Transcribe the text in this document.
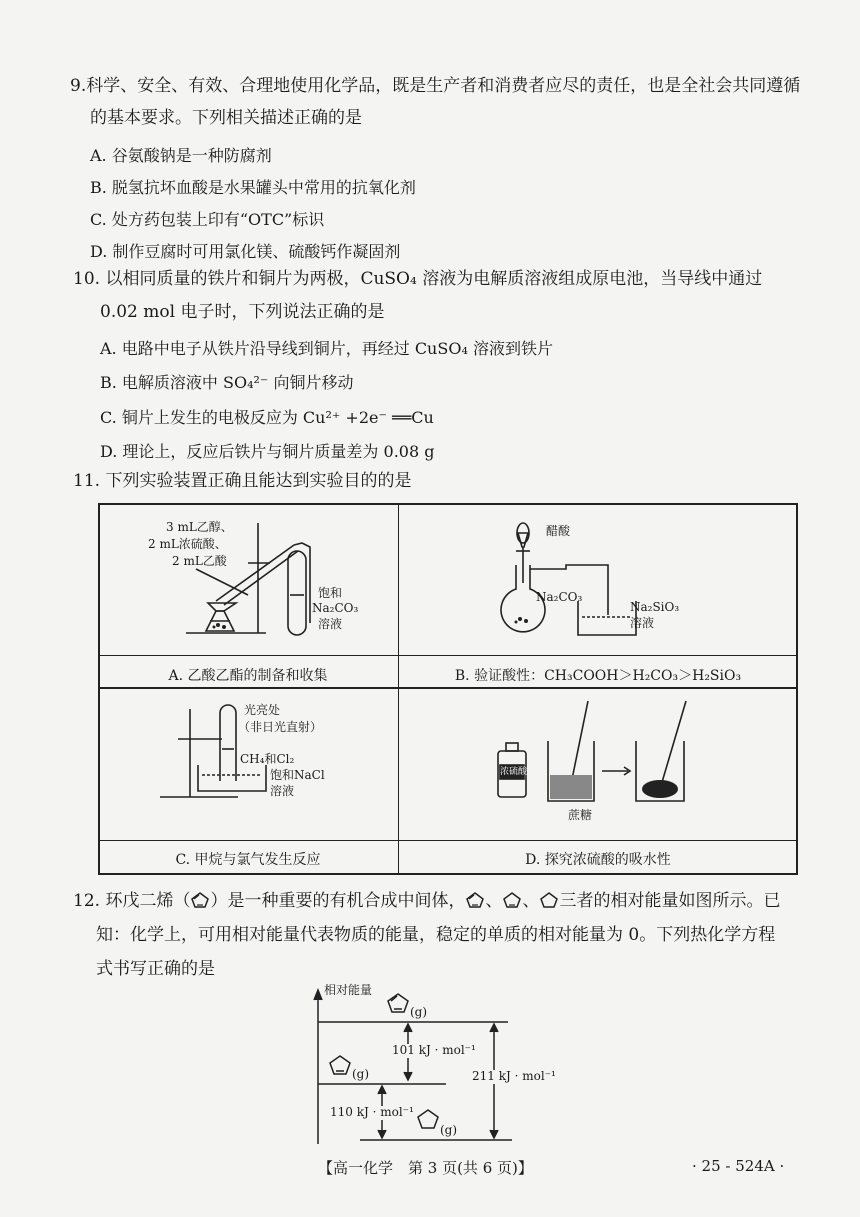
9.科学、安全、有效、合理地使用化学品，既是生产者和消费者应尽的责任，也是全社会共同遵循
的基本要求。下列相关描述正确的是
A. 谷氨酸钠是一种防腐剂
B. 脱氢抗坏血酸是水果罐头中常用的抗氧化剂
C. 处方药包装上印有“OTC”标识
D. 制作豆腐时可用氯化镁、硫酸钙作凝固剂
10. 以相同质量的铁片和铜片为两极，CuSO₄ 溶液为电解质溶液组成原电池，当导线中通过
0.02 mol 电子时，下列说法正确的是
A. 电路中电子从铁片沿导线到铜片，再经过 CuSO₄ 溶液到铁片
B. 电解质溶液中 SO₄²⁻ 向铜片移动
C. 铜片上发生的电极反应为 Cu²⁺ +2e⁻ ══Cu
D. 理论上，反应后铁片与铜片质量差为 0.08 g
11. 下列实验装置正确且能达到实验目的的是
3 mL乙醇、
2 mL浓硫酸、
2 mL乙酸
饱和
Na₂CO₃
溶液
醋酸
Na₂CO₃
Na₂SiO₃
溶液
光亮处
（非日光直射）
CH₄和Cl₂
饱和NaCl
溶液
浓硫酸
蔗糖
A. 乙酸乙酯的制备和收集	B. 验证酸性：CH₃COOH＞H₂CO₃＞H₂SiO₃
C. 甲烷与氯气发生反应	D. 探究浓硫酸的吸水性
12. 环戊二烯（ ）是一种重要的有机合成中间体， 、 、 三者的相对能量如图所示。已
知：化学上，可用相对能量代表物质的能量，稳定的单质的相对能量为 0。下列热化学方程
式书写正确的是
相对能量
(g)
(g)
(g)
101 kJ · mol⁻¹
211 kJ · mol⁻¹
110 kJ · mol⁻¹
【高一化学　第 3 页(共 6 页)】	· 25 - 524A ·
